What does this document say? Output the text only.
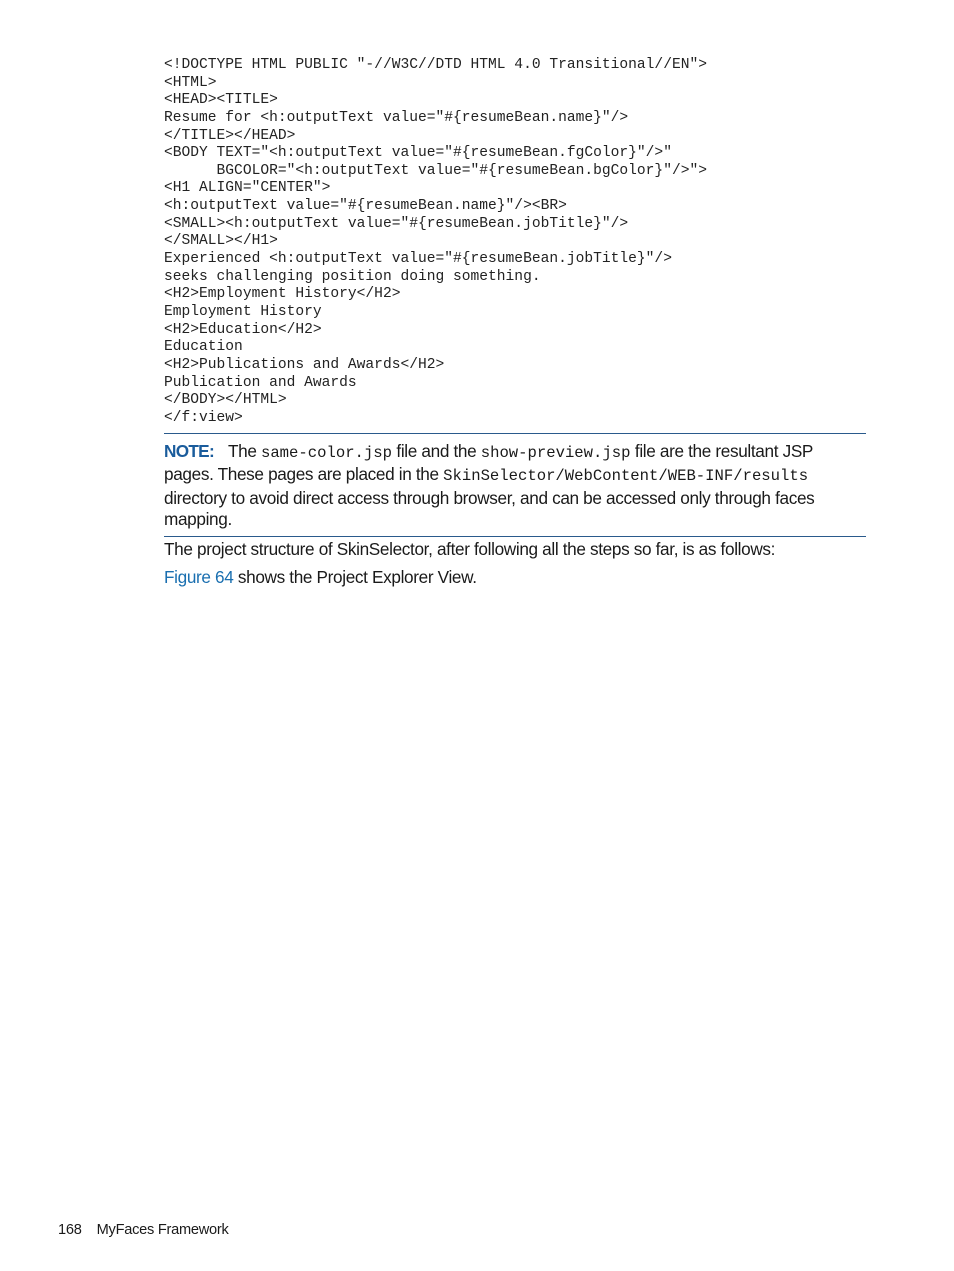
<!DOCTYPE HTML PUBLIC "-//W3C//DTD HTML 4.0 Transitional//EN">
<HTML>
<HEAD><TITLE>
Resume for <h:outputText value="#{resumeBean.name}"/>
</TITLE></HEAD>
<BODY TEXT="<h:outputText value="#{resumeBean.fgColor}"/>"
BGCOLOR="<h:outputText value="#{resumeBean.bgColor}"/>">
<H1 ALIGN="CENTER">
<h:outputText value="#{resumeBean.name}"/><BR>
<SMALL><h:outputText value="#{resumeBean.jobTitle}"/>
</SMALL></H1>
Experienced <h:outputText value="#{resumeBean.jobTitle}"/>
seeks challenging position doing something.
<H2>Employment History</H2>
Employment History
<H2>Education</H2>
Education
<H2>Publications and Awards</H2>
Publication and Awards
</BODY></HTML>
</f:view>
NOTE: The same-color.jsp file and the show-preview.jsp file are the resultant JSP pages. These pages are placed in the SkinSelector/WebContent/WEB-INF/results directory to avoid direct access through browser, and can be accessed only through faces mapping.

The project structure of SkinSelector, after following all the steps so far, is as follows:

Figure 64 shows the Project Explorer View.

168 MyFaces Framework
